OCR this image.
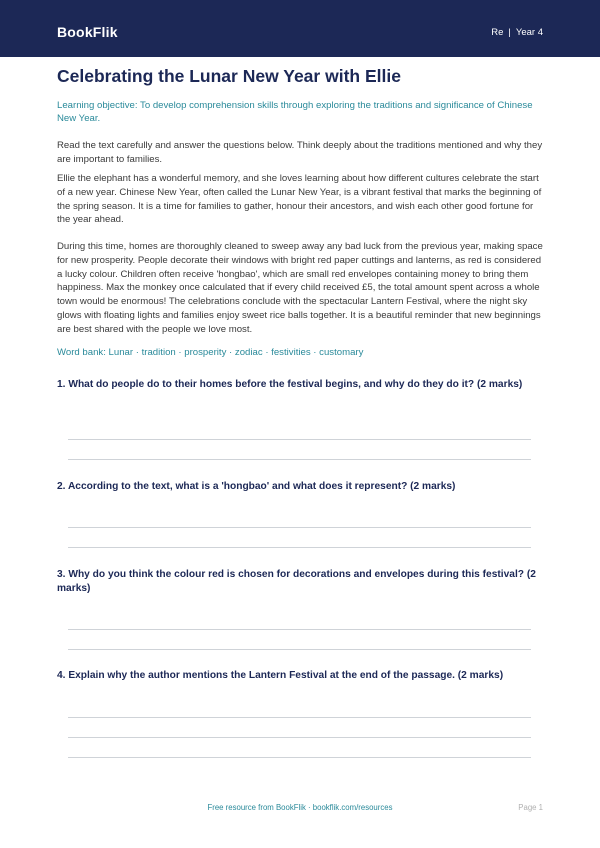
BookFlik	Re | Year 4
Celebrating the Lunar New Year with Ellie
Learning objective: To develop comprehension skills through exploring the traditions and significance of Chinese New Year.

Read the text carefully and answer the questions below. Think deeply about the traditions mentioned and why they are important to families.

Ellie the elephant has a wonderful memory, and she loves learning about how different cultures celebrate the start of a new year. Chinese New Year, often called the Lunar New Year, is a vibrant festival that marks the beginning of the spring season. It is a time for families to gather, honour their ancestors, and wish each other good fortune for the year ahead.

During this time, homes are thoroughly cleaned to sweep away any bad luck from the previous year, making space for new prosperity. People decorate their windows with bright red paper cuttings and lanterns, as red is considered a lucky colour. Children often receive 'hongbao', which are small red envelopes containing money to bring them happiness. Max the monkey once calculated that if every child received £5, the total amount spent across a whole town would be enormous! The celebrations conclude with the spectacular Lantern Festival, where the night sky glows with floating lights and families enjoy sweet rice balls together. It is a beautiful reminder that new beginnings are best shared with the people we love most.

Word bank: Lunar · tradition · prosperity · zodiac · festivities · customary
1. What do people do to their homes before the festival begins, and why do they do it? (2 marks)
2. According to the text, what is a 'hongbao' and what does it represent? (2 marks)
3. Why do you think the colour red is chosen for decorations and envelopes during this festival? (2 marks)
4. Explain why the author mentions the Lantern Festival at the end of the passage. (2 marks)
Free resource from BookFlik · bookflik.com/resources	Page 1
